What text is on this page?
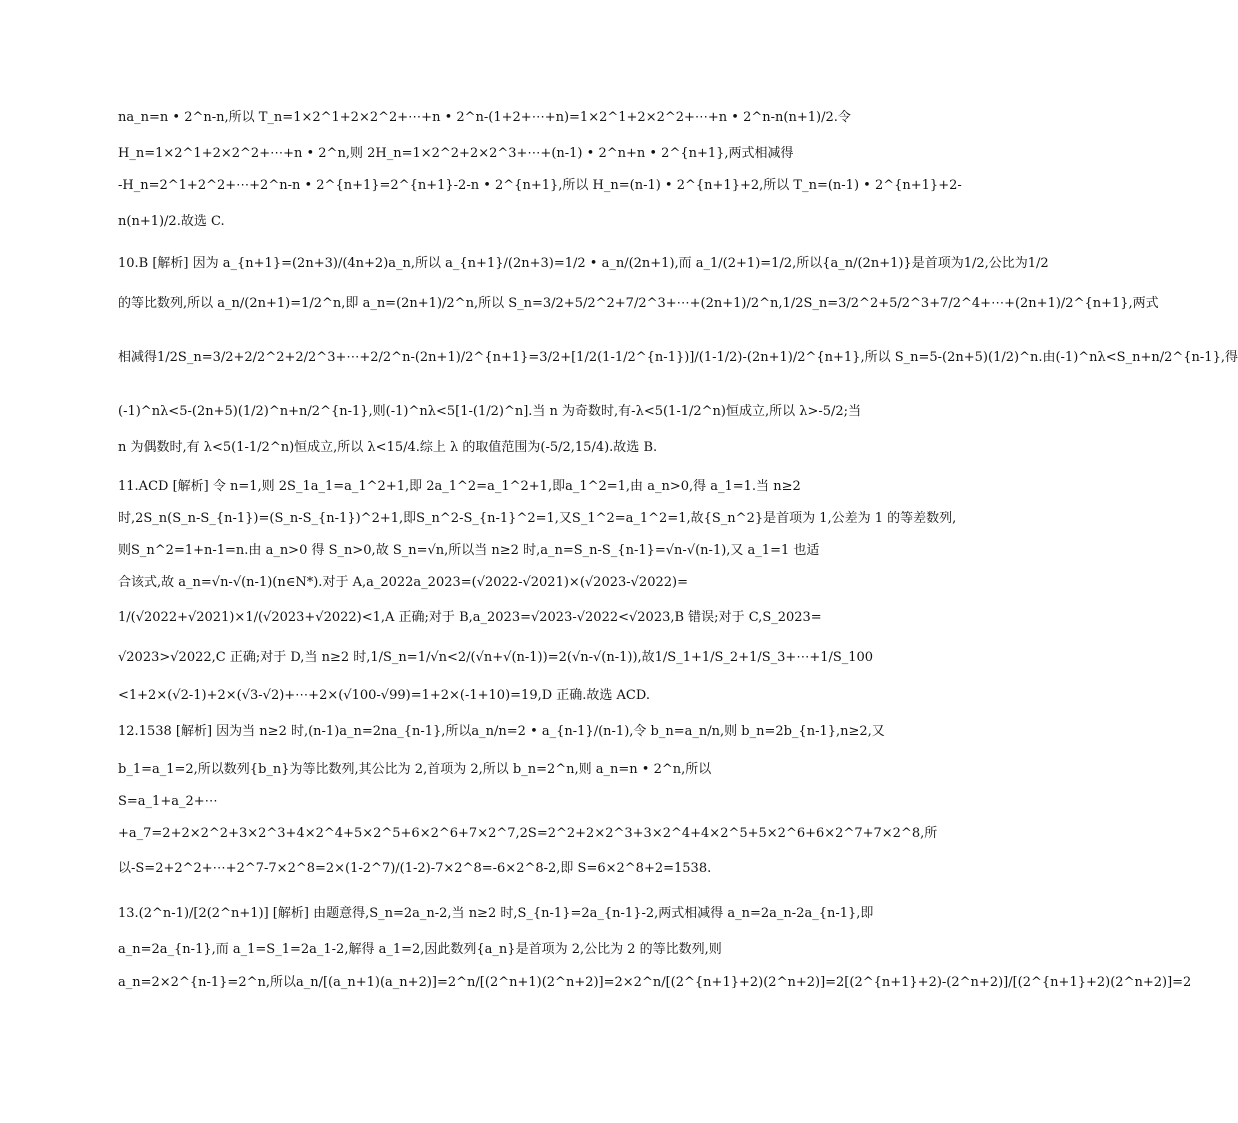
na_n=n • 2^n-n,所以 T_n=1×2^1+2×2^2+⋯+n • 2^n-(1+2+⋯+n)=1×2^1+2×2^2+⋯+n • 2^n-n(n+1)/2.令
H_n=1×2^1+2×2^2+⋯+n • 2^n,则 2H_n=1×2^2+2×2^3+⋯+(n-1) • 2^n+n • 2^{n+1},两式相减得
-H_n=2^1+2^2+⋯+2^n-n • 2^{n+1}=2^{n+1}-2-n • 2^{n+1},所以 H_n=(n-1) • 2^{n+1}+2,所以 T_n=(n-1) • 2^{n+1}+2-
n(n+1)/2.故选 C.
10.B [解析] 因为 a_{n+1}=(2n+3)/(4n+2)a_n,所以 a_{n+1}/(2n+3)=1/2 • a_n/(2n+1),而 a_1/(2+1)=1/2,所以{a_n/(2n+1)}是首项为1/2,公比为1/2
的等比数列,所以 a_n/(2n+1)=1/2^n,即 a_n=(2n+1)/2^n,所以 S_n=3/2+5/2^2+7/2^3+⋯+(2n+1)/2^n,1/2S_n=3/2^2+5/2^3+7/2^4+⋯+(2n+1)/2^{n+1},两式
相减得1/2S_n=3/2+2/2^2+2/2^3+⋯+2/2^n-(2n+1)/2^{n+1}=3/2+[1/2(1-1/2^{n-1})]/(1-1/2)-(2n+1)/2^{n+1},所以 S_n=5-(2n+5)(1/2)^n.由(-1)^nλ<S_n+n/2^{n-1},得
(-1)^nλ<5-(2n+5)(1/2)^n+n/2^{n-1},则(-1)^nλ<5[1-(1/2)^n].当 n 为奇数时,有-λ<5(1-1/2^n)恒成立,所以 λ>-5/2;当
n 为偶数时,有 λ<5(1-1/2^n)恒成立,所以 λ<15/4.综上 λ 的取值范围为(-5/2,15/4).故选 B.
11.ACD [解析] 令 n=1,则 2S_1a_1=a_1^2+1,即 2a_1^2=a_1^2+1,即a_1^2=1,由 a_n>0,得 a_1=1.当 n≥2
时,2S_n(S_n-S_{n-1})=(S_n-S_{n-1})^2+1,即S_n^2-S_{n-1}^2=1,又S_1^2=a_1^2=1,故{S_n^2}是首项为 1,公差为 1 的等差数列,
则S_n^2=1+n-1=n.由 a_n>0 得 S_n>0,故 S_n=√n,所以当 n≥2 时,a_n=S_n-S_{n-1}=√n-√(n-1),又 a_1=1 也适
合该式,故 a_n=√n-√(n-1)(n∈N*).对于 A,a_2022a_2023=(√2022-√2021)×(√2023-√2022)=
1/(√2022+√2021)×1/(√2023+√2022)<1,A 正确;对于 B,a_2023=√2023-√2022<√2023,B 错误;对于 C,S_2023=
√2023>√2022,C 正确;对于 D,当 n≥2 时,1/S_n=1/√n<2/(√n+√(n-1))=2(√n-√(n-1)),故1/S_1+1/S_2+1/S_3+⋯+1/S_100
<1+2×(√2-1)+2×(√3-√2)+⋯+2×(√100-√99)=1+2×(-1+10)=19,D 正确.故选 ACD.
12.1538 [解析] 因为当 n≥2 时,(n-1)a_n=2na_{n-1},所以a_n/n=2 • a_{n-1}/(n-1),令 b_n=a_n/n,则 b_n=2b_{n-1},n≥2,又
b_1=a_1=2,所以数列{b_n}为等比数列,其公比为 2,首项为 2,所以 b_n=2^n,则 a_n=n • 2^n,所以
S=a_1+a_2+⋯
+a_7=2+2×2^2+3×2^3+4×2^4+5×2^5+6×2^6+7×2^7,2S=2^2+2×2^3+3×2^4+4×2^5+5×2^6+6×2^7+7×2^8,所
以-S=2+2^2+⋯+2^7-7×2^8=2×(1-2^7)/(1-2)-7×2^8=-6×2^8-2,即 S=6×2^8+2=1538.
13.(2^n-1)/[2(2^n+1)] [解析] 由题意得,S_n=2a_n-2,当 n≥2 时,S_{n-1}=2a_{n-1}-2,两式相减得 a_n=2a_n-2a_{n-1},即
a_n=2a_{n-1},而 a_1=S_1=2a_1-2,解得 a_1=2,因此数列{a_n}是首项为 2,公比为 2 的等比数列,则
a_n=2×2^{n-1}=2^n,所以a_n/[(a_n+1)(a_n+2)]=2^n/[(2^n+1)(2^n+2)]=2×2^n/[(2^{n+1}+2)(2^n+2)]=2[(2^{n+1}+2)-(2^n+2)]/[(2^{n+1}+2)(2^n+2)]=2
